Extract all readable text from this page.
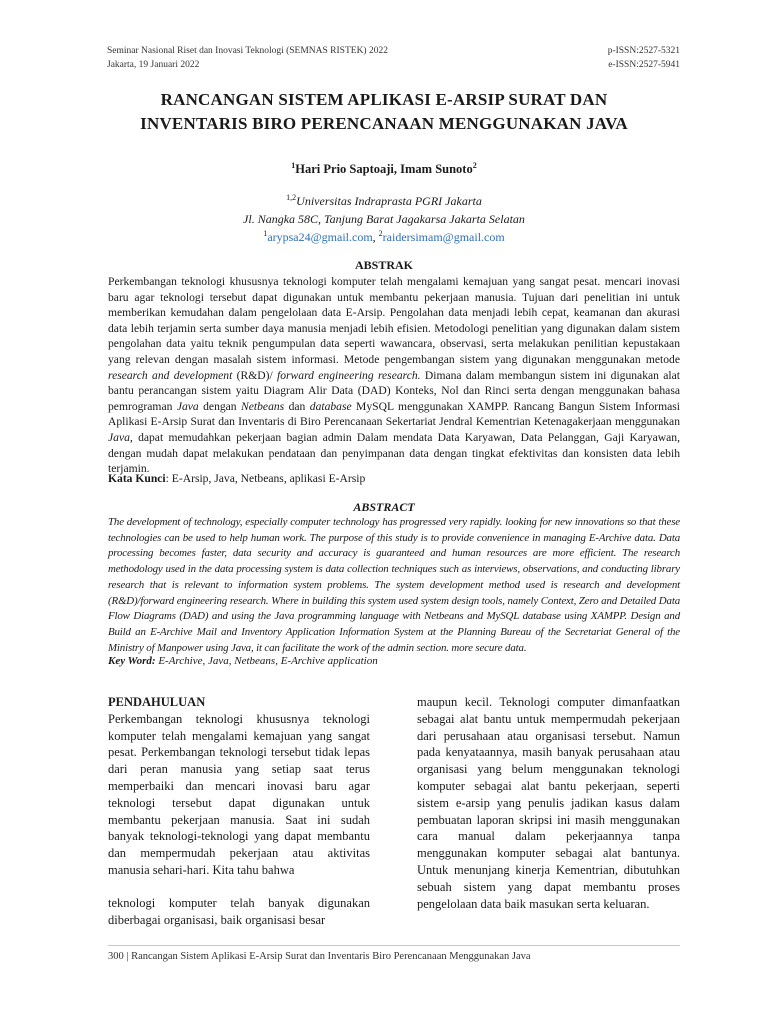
Seminar Nasional Riset dan Inovasi Teknologi (SEMNAS RISTEK) 2022
Jakarta, 19 Januari 2022
p-ISSN:2527-5321
e-ISSN:2527-5941
RANCANGAN SISTEM APLIKASI E-ARSIP SURAT DAN
INVENTARIS BIRO PERENCANAAN MENGGUNAKAN JAVA
$^1$Hari Prio Saptoaji, Imam Sunoto$^2$
$^{1,2}$Universitas Indraprasta PGRI Jakarta
Jl. Nangka 58C, Tanjung Barat Jagakarsa Jakarta Selatan
$^1$arypsa24@gmail.com, $^2$raidersimam@gmail.com
ABSTRAK
Perkembangan teknologi khususnya teknologi komputer telah mengalami kemajuan yang sangat pesat. mencari inovasi baru agar teknologi tersebut dapat digunakan untuk membantu pekerjaan manusia. Tujuan dari penelitian ini untuk memberikan kemudahan dalam pengelolaan data E-Arsip. Pengolahan data menjadi lebih cepat, keamanan dan akurasi data lebih terjamin serta sumber daya manusia menjadi lebih efisien. Metodologi penelitian yang digunakan dalam sistem pengolahan data yaitu teknik pengumpulan data seperti wawancara, observasi, serta melakukan penilitian kepustakaan yang relevan dengan masalah sistem informasi. Metode pengembangan sistem yang digunakan menggunakan metode research and development (R&D)/ forward engineering research. Dimana dalam membangun sistem ini digunakan alat bantu perancangan sistem yaitu Diagram Alir Data (DAD) Konteks, Nol dan Rinci serta dengan menggunakan bahasa pemrograman Java dengan Netbeans dan database MySQL menggunakan XAMPP. Rancang Bangun Sistem Informasi Aplikasi E-Arsip Surat dan Inventaris di Biro Perencanaan Sekertariat Jendral Kementrian Ketenagakerjaan menggunakan Java, dapat memudahkan pekerjaan bagian admin Dalam mendata Data Karyawan, Data Pelanggan, Gaji Karyawan, dengan mudah dapat melakukan pendataan dan penyimpanan data dengan tingkat efektivitas dan konsisten data lebih terjamin.
Kata Kunci: E-Arsip, Java, Netbeans, aplikasi E-Arsip
ABSTRACT
The development of technology, especially computer technology has progressed very rapidly. looking for new innovations so that these technologies can be used to help human work. The purpose of this study is to provide convenience in managing E-Archive data. Data processing becomes faster, data security and accuracy is guaranteed and human resources are more efficient. The research methodology used in the data processing system is data collection techniques such as interviews, observations, and conducting library research that is relevant to information system problems. The system development method used is research and development (R&D)/forward engineering research. Where in building this system used system design tools, namely Context, Zero and Detailed Data Flow Diagrams (DAD) and using the Java programming language with Netbeans and MySQL database using XAMPP. Design and Build an E-Archive Mail and Inventory Application Information System at the Planning Bureau of the Secretariat General of the Ministry of Manpower using Java, it can facilitate the work of the admin section. more secure data.
Key Word: E-Archive, Java, Netbeans, E-Archive application
PENDAHULUAN

Perkembangan teknologi khususnya teknologi komputer telah mengalami kemajuan yang sangat pesat. Perkembangan teknologi tersebut tidak lepas dari peran manusia yang setiap saat terus memperbaiki dan mencari inovasi baru agar teknologi tersebut dapat digunakan untuk membantu pekerjaan manusia. Saat ini sudah banyak teknologi-teknologi yang dapat membantu dan mempermudah pekerjaan atau aktivitas manusia sehari-hari. Kita tahu bahwa

teknologi komputer telah banyak digunakan diberbagai organisasi, baik organisasi besar

maupun kecil. Teknologi computer dimanfaatkan sebagai alat bantu untuk mempermudah pekerjaan dari perusahaan atau organisasi tersebut. Namun pada kenyataannya, masih banyak perusahaan atau organisasi yang belum menggunakan teknologi komputer sebagai alat bantu pekerjaan, seperti sistem e-arsip yang penulis jadikan kasus dalam pembuatan laporan skripsi ini masih menggunakan cara manual dalam pekerjaannya tanpa menggunakan komputer sebagai alat bantunya. Untuk menunjang kinerja Kementrian, dibutuhkan sebuah sistem yang dapat membantu proses pengelolaan data baik masukan serta keluaran.

300 | Rancangan Sistem Aplikasi E-Arsip Surat dan Inventaris Biro Perencanaan Menggunakan Java
